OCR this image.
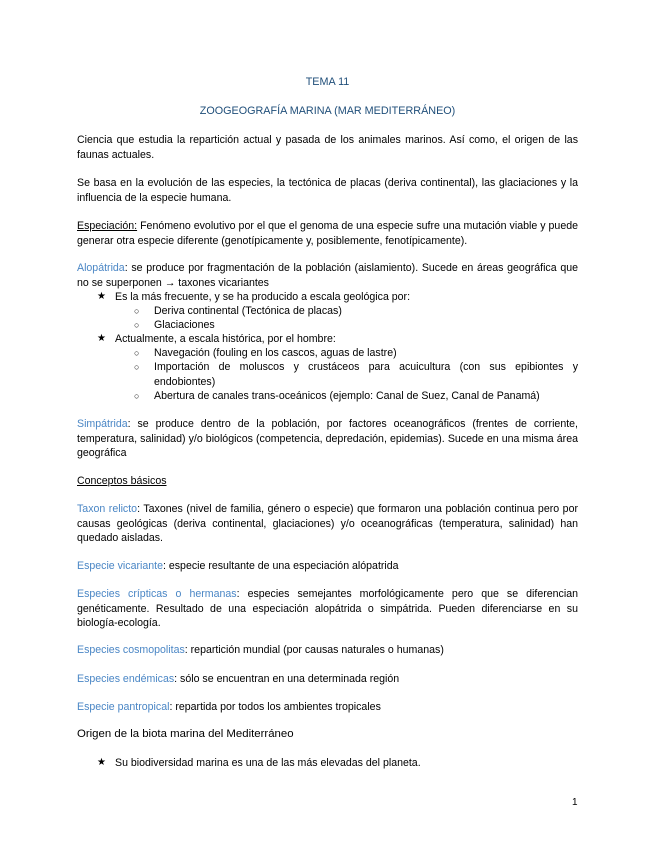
TEMA 11
ZOOGEOGRAFÍA MARINA (MAR MEDITERRÁNEO)

Ciencia que estudia la repartición actual y pasada de los animales marinos. Así como, el origen de las faunas actuales.

Se basa en la evolución de las especies, la tectónica de placas (deriva continental), las glaciaciones y la influencia de la especie humana.

Especiación: Fenómeno evolutivo por el que el genoma de una especie sufre una mutación viable y puede generar otra especie diferente (genotípicamente y, posiblemente, fenotípicamente).

Alopátrida: se produce por fragmentación de la población (aislamiento). Sucede en áreas geográfica que no se superponen → taxones vicariantes

★ Es la más frecuente, y se ha producido a escala geológica por:
○ Deriva continental (Tectónica de placas)
○ Glaciaciones
★ Actualmente, a escala histórica, por el hombre:
○ Navegación (fouling en los cascos, aguas de lastre)
○ Importación de moluscos y crustáceos para acuicultura (con sus epibiontes y endobiontes)
○ Abertura de canales trans-oceánicos (ejemplo: Canal de Suez, Canal de Panamá)

Simpátrida: se produce dentro de la población, por factores oceanográficos (frentes de corriente, temperatura, salinidad) y/o biológicos (competencia, depredación, epidemias). Sucede en una misma área geográfica

Conceptos básicos

Taxon relicto: Taxones (nivel de familia, género o especie) que formaron una población continua pero por causas geológicas (deriva continental, glaciaciones) y/o oceanográficas (temperatura, salinidad) han quedado aisladas.

Especie vicariante: especie resultante de una especiación alópatrida

Especies crípticas o hermanas: especies semejantes morfológicamente pero que se diferencian genéticamente. Resultado de una especiación alopátrida o simpátrida. Pueden diferenciarse en su biología-ecología.

Especies cosmopolitas: repartición mundial (por causas naturales o humanas)

Especies endémicas: sólo se encuentran en una determinada región

Especie pantropical: repartida por todos los ambientes tropicales

Origen de la biota marina del Mediterráneo
★ Su biodiversidad marina es una de las más elevadas del planeta.
1
